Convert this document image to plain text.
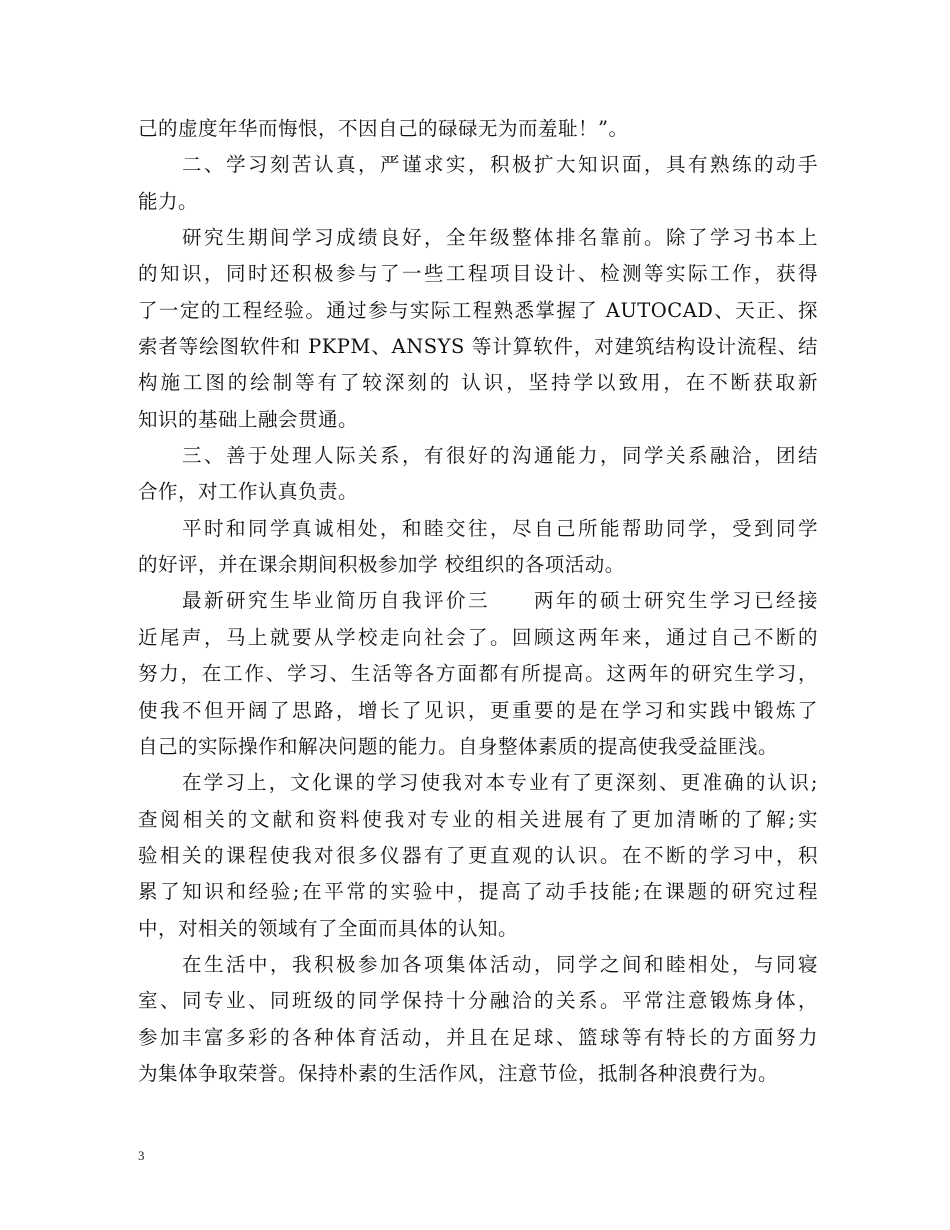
己的虚度年华而悔恨，不因自己的碌碌无为而羞耻！”。
二、学习刻苦认真，严谨求实，积极扩大知识面，具有熟练的动手
能力。
研究生期间学习成绩良好，全年级整体排名靠前。除了学习书本上
的知识，同时还积极参与了一些工程项目设计、检测等实际工作，获得
了一定的工程经验。通过参与实际工程熟悉掌握了 AUTOCAD、天正、探
索者等绘图软件和 PKPM、ANSYS 等计算软件，对建筑结构设计流程、结
构施工图的绘制等有了较深刻的 认识，坚持学以致用，在不断获取新
知识的基础上融会贯通。
三、善于处理人际关系，有很好的沟通能力，同学关系融洽，团结
合作，对工作认真负责。
平时和同学真诚相处，和睦交往，尽自己所能帮助同学，受到同学
的好评，并在课余期间积极参加学 校组织的各项活动。
最新研究生毕业简历自我评价三　　两年的硕士研究生学习已经接
近尾声，马上就要从学校走向社会了。回顾这两年来，通过自己不断的
努力，在工作、学习、生活等各方面都有所提高。这两年的研究生学习，
使我不但开阔了思路，增长了见识，更重要的是在学习和实践中锻炼了
自己的实际操作和解决问题的能力。自身整体素质的提高使我受益匪浅。
在学习上，文化课的学习使我对本专业有了更深刻、更准确的认识;
查阅相关的文献和资料使我对专业的相关进展有了更加清晰的了解;实
验相关的课程使我对很多仪器有了更直观的认识。在不断的学习中，积
累了知识和经验;在平常的实验中，提高了动手技能;在课题的研究过程
中，对相关的领域有了全面而具体的认知。
在生活中，我积极参加各项集体活动，同学之间和睦相处，与同寝
室、同专业、同班级的同学保持十分融洽的关系。平常注意锻炼身体，
参加丰富多彩的各种体育活动，并且在足球、篮球等有特长的方面努力
为集体争取荣誉。保持朴素的生活作风，注意节俭，抵制各种浪费行为。
3
